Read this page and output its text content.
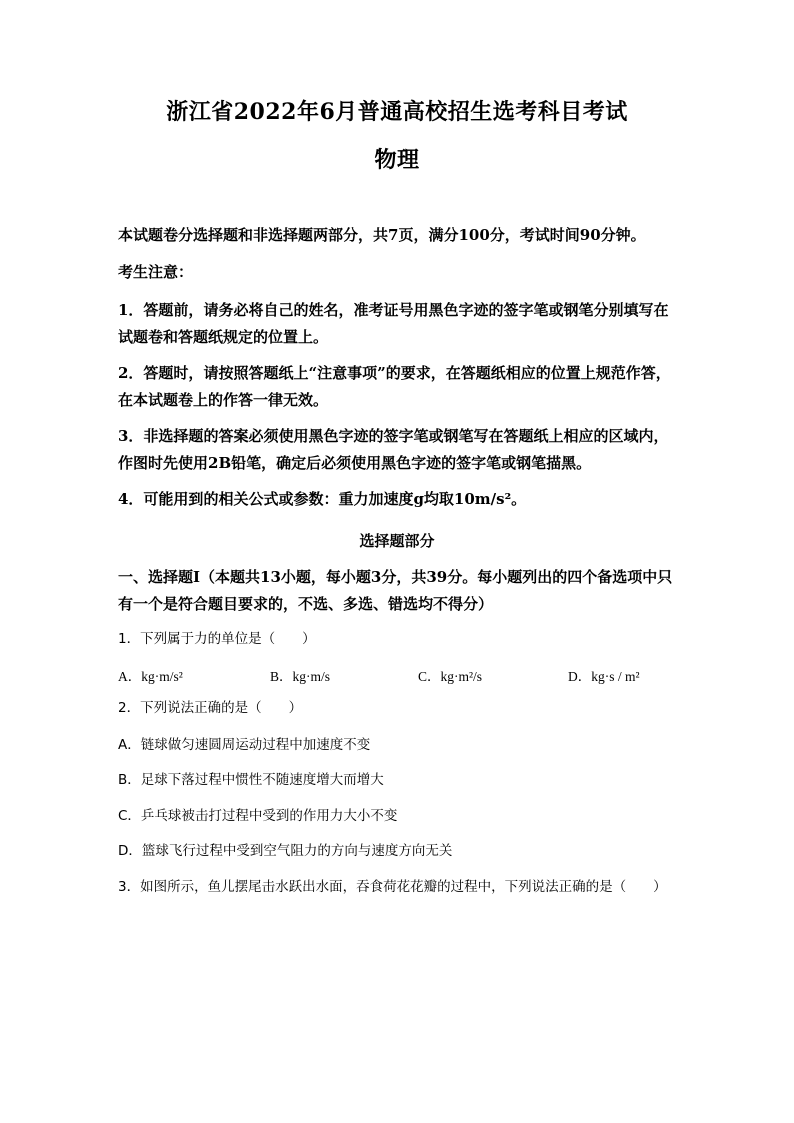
浙江省2022年6月普通高校招生选考科目考试
物理
本试题卷分选择题和非选择题两部分，共7页，满分100分，考试时间90分钟。
考生注意：
1．答题前，请务必将自己的姓名，准考证号用黑色字迹的签字笔或钢笔分别填写在试题卷和答题纸规定的位置上。
2．答题时，请按照答题纸上“注意事项”的要求，在答题纸相应的位置上规范作答，在本试题卷上的作答一律无效。
3．非选择题的答案必须使用黑色字迹的签字笔或钢笔写在答题纸上相应的区域内，作图时先使用2B铅笔，确定后必须使用黑色字迹的签字笔或钢笔描黑。
4．可能用到的相关公式或参数：重力加速度g均取10m/s²。
选择题部分
一、选择题Ⅰ（本题共13小题，每小题3分，共39分。每小题列出的四个备选项中只有一个是符合题目要求的，不选、多选、错选均不得分）
1．下列属于力的单位是（　　）
A．kg·m/s²	B．kg·m/s	C．kg·m²/s	D．kg·s / m²
2．下列说法正确的是（　　）
A．链球做匀速圆周运动过程中加速度不变
B．足球下落过程中惯性不随速度增大而增大
C．乒乓球被击打过程中受到的作用力大小不变
D．篮球飞行过程中受到空气阻力的方向与速度方向无关
3．如图所示，鱼儿摆尾击水跃出水面，吞食荷花花瓣的过程中，下列说法正确的是（　　）
